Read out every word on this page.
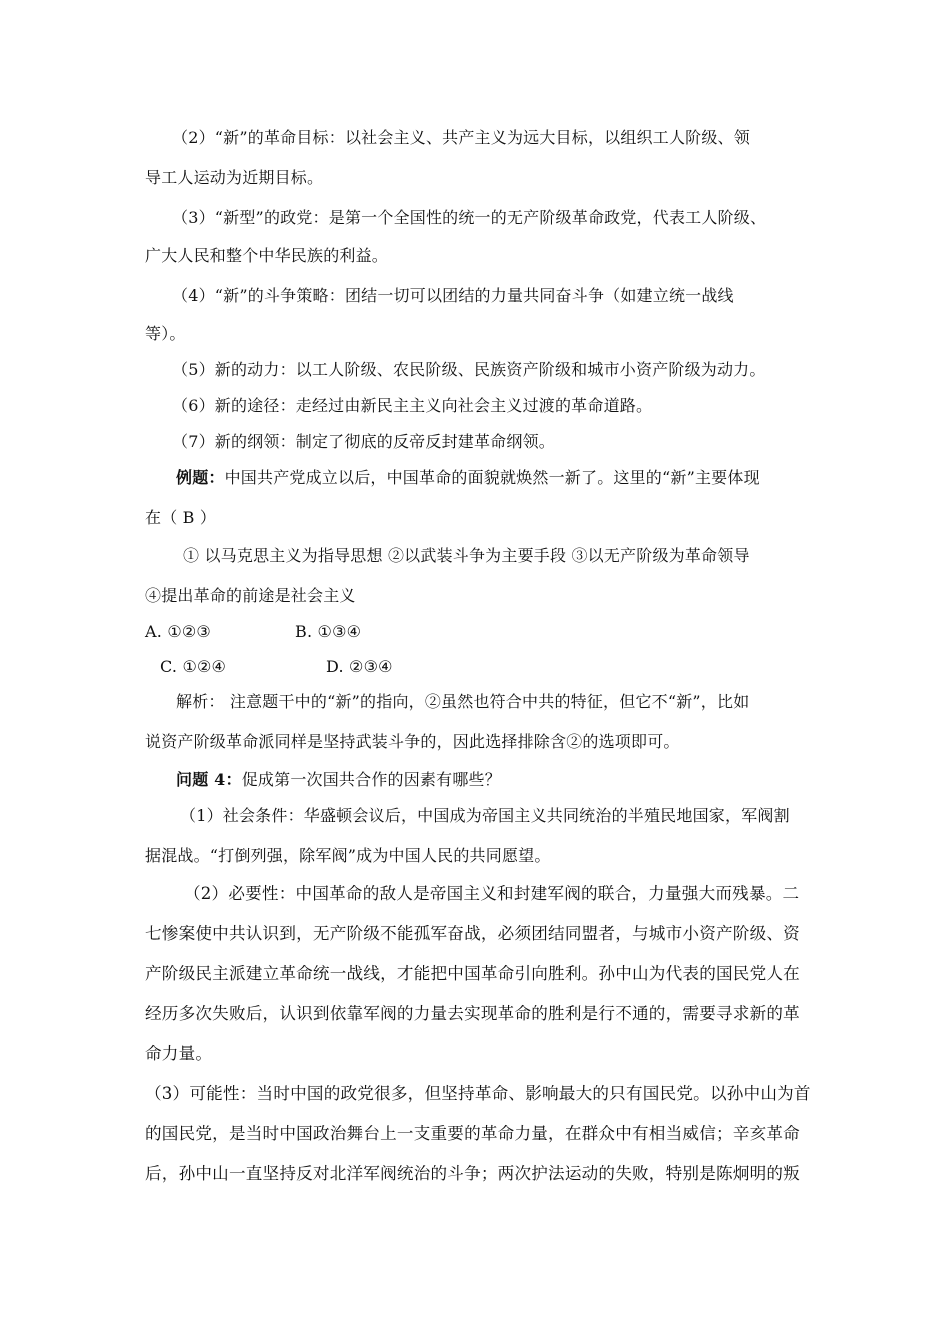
（2）“新”的革命目标：以社会主义、共产主义为远大目标，以组织工人阶级、领
导工人运动为近期目标。
（3）“新型”的政党：是第一个全国性的统一的无产阶级革命政党，代表工人阶级、
广大人民和整个中华民族的利益。
（4）“新”的斗争策略：团结一切可以团结的力量共同奋斗争（如建立统一战线
等）。
（5）新的动力：以工人阶级、农民阶级、民族资产阶级和城市小资产阶级为动力。
（6）新的途径：走经过由新民主主义向社会主义过渡的革命道路。
（7）新的纲领：制定了彻底的反帝反封建革命纲领。
例题：中国共产党成立以后，中国革命的面貌就焕然一新了。这里的“新”主要体现
在（ B ）
① 以马克思主义为指导思想 ②以武装斗争为主要手段 ③以无产阶级为革命领导
④提出革命的前途是社会主义
A. ①②③	B. ①③④
C. ①②④	D. ②③④
解析： 注意题干中的“新”的指向，②虽然也符合中共的特征，但它不“新”，比如
说资产阶级革命派同样是坚持武装斗争的，因此选择排除含②的选项即可。
问题 4：促成第一次国共合作的因素有哪些？
（1）社会条件：华盛顿会议后，中国成为帝国主义共同统治的半殖民地国家，军阀割
据混战。“打倒列强，除军阀”成为中国人民的共同愿望。
（2）必要性：中国革命的敌人是帝国主义和封建军阀的联合，力量强大而残暴。二
七惨案使中共认识到，无产阶级不能孤军奋战，必须团结同盟者，与城市小资产阶级、资
产阶级民主派建立革命统一战线，才能把中国革命引向胜利。孙中山为代表的国民党人在
经历多次失败后，认识到依靠军阀的力量去实现革命的胜利是行不通的，需要寻求新的革
命力量。
（3）可能性：当时中国的政党很多，但坚持革命、影响最大的只有国民党。以孙中山为首
的国民党，是当时中国政治舞台上一支重要的革命力量，在群众中有相当威信；辛亥革命
后，孙中山一直坚持反对北洋军阀统治的斗争；两次护法运动的失败，特别是陈炯明的叛
